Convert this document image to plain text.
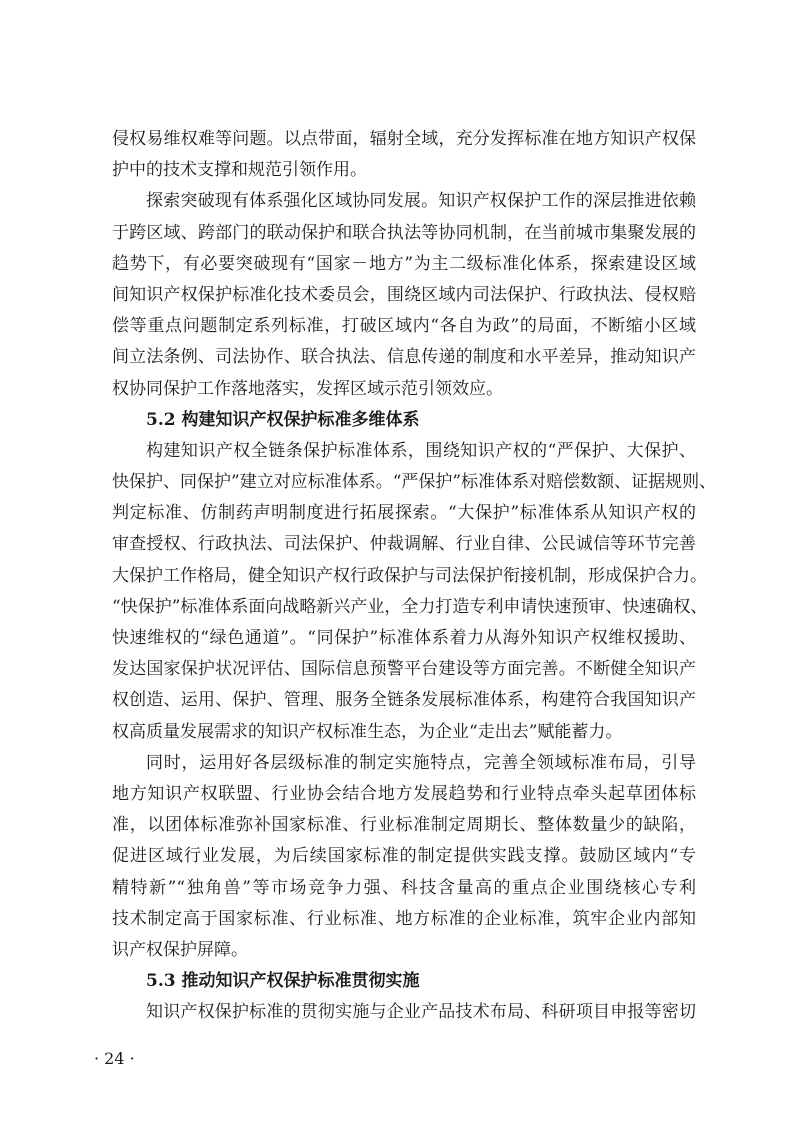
侵权易维权难等问题。以点带面，辐射全域，充分发挥标准在地方知识产权保
护中的技术支撑和规范引领作用。
探索突破现有体系强化区域协同发展。知识产权保护工作的深层推进依赖
于跨区域、跨部门的联动保护和联合执法等协同机制，在当前城市集聚发展的
趋势下，有必要突破现有“国家－地方”为主二级标准化体系，探索建设区域
间知识产权保护标准化技术委员会，围绕区域内司法保护、行政执法、侵权赔
偿等重点问题制定系列标准，打破区域内“各自为政”的局面，不断缩小区域
间立法条例、司法协作、联合执法、信息传递的制度和水平差异，推动知识产
权协同保护工作落地落实，发挥区域示范引领效应。
5.2 构建知识产权保护标准多维体系
构建知识产权全链条保护标准体系，围绕知识产权的“严保护、大保护、
快保护、同保护”建立对应标准体系。“严保护”标准体系对赔偿数额、证据规则、
判定标准、仿制药声明制度进行拓展探索。“大保护”标准体系从知识产权的
审查授权、行政执法、司法保护、仲裁调解、行业自律、公民诚信等环节完善
大保护工作格局，健全知识产权行政保护与司法保护衔接机制，形成保护合力。
“快保护”标准体系面向战略新兴产业，全力打造专利申请快速预审、快速确权、
快速维权的“绿色通道”。“同保护”标准体系着力从海外知识产权维权援助、
发达国家保护状况评估、国际信息预警平台建设等方面完善。不断健全知识产
权创造、运用、保护、管理、服务全链条发展标准体系，构建符合我国知识产
权高质量发展需求的知识产权标准生态，为企业“走出去”赋能蓄力。
同时，运用好各层级标准的制定实施特点，完善全领域标准布局，引导
地方知识产权联盟、行业协会结合地方发展趋势和行业特点牵头起草团体标
准，以团体标准弥补国家标准、行业标准制定周期长、整体数量少的缺陷，
促进区域行业发展，为后续国家标准的制定提供实践支撑。鼓励区域内“专
精特新”“独角兽”等市场竞争力强、科技含量高的重点企业围绕核心专利
技术制定高于国家标准、行业标准、地方标准的企业标准，筑牢企业内部知
识产权保护屏障。
5.3 推动知识产权保护标准贯彻实施
知识产权保护标准的贯彻实施与企业产品技术布局、科研项目申报等密切
· 24 ·
